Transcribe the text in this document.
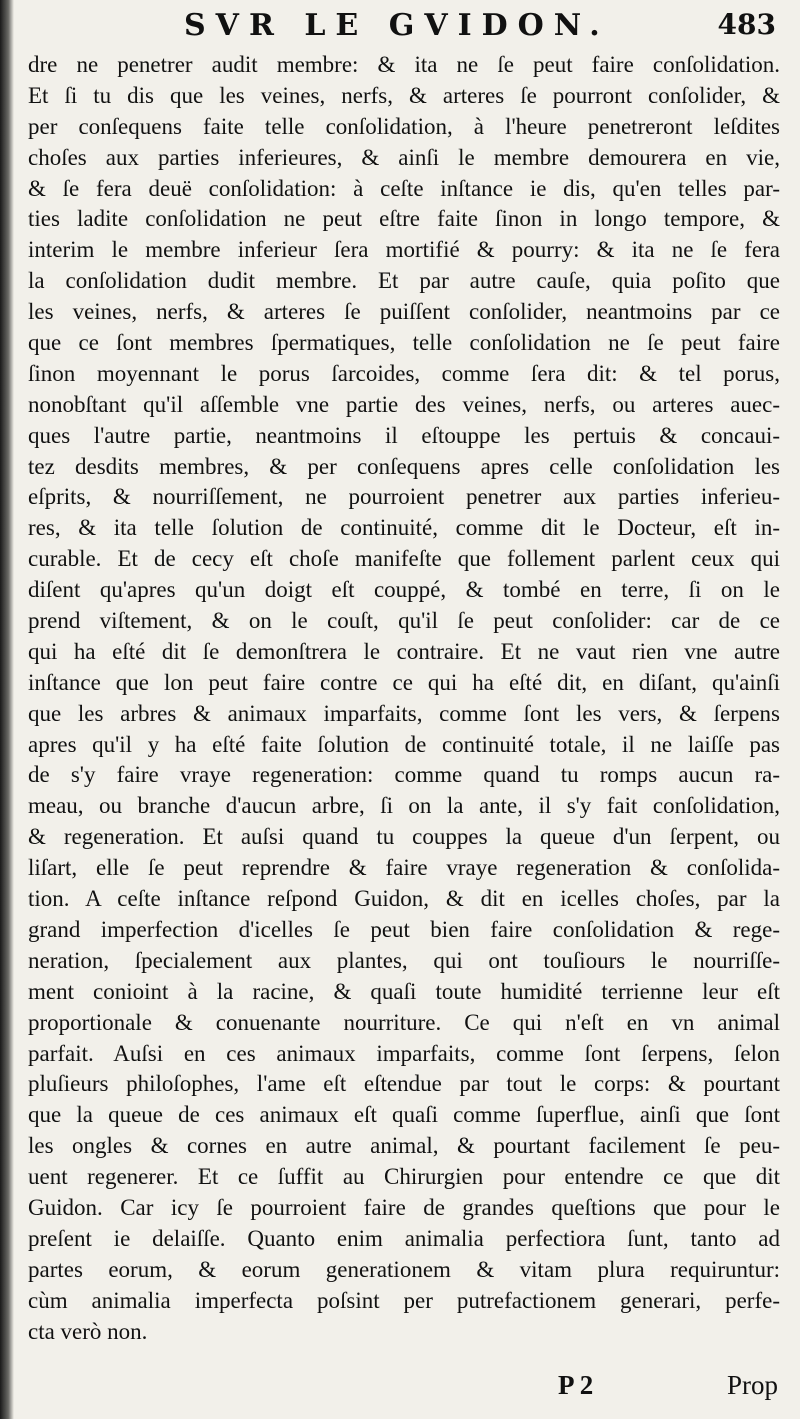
SVR LE GVIDON.	483
dre ne penetrer audit membre: & ita ne ſe peut faire conſolidation.
Et ſi tu dis que les veines, nerfs, & arteres ſe pourront conſolider, &
per conſequens faite telle conſolidation, à l'heure penetreront leſdites
choſes aux parties inferieures, & ainſi le membre demourera en vie,
& ſe fera deuë conſolidation: à ceſte inſtance ie dis, qu'en telles par-
ties ladite conſolidation ne peut eſtre faite ſinon in longo tempore, &
interim le membre inferieur ſera mortifié & pourry: & ita ne ſe fera
la conſolidation dudit membre. Et par autre cauſe, quia poſito que
les veines, nerfs, & arteres ſe puiſſent conſolider, neantmoins par ce
que ce ſont membres ſpermatiques, telle conſolidation ne ſe peut faire
ſinon moyennant le porus ſarcoides, comme ſera dit: & tel porus,
nonobſtant qu'il aſſemble vne partie des veines, nerfs, ou arteres auec-
ques l'autre partie, neantmoins il eſtouppe les pertuis & concaui-
tez desdits membres, & per conſequens apres celle conſolidation les
eſprits, & nourriſſement, ne pourroient penetrer aux parties inferieu-
res, & ita telle ſolution de continuité, comme dit le Docteur, eſt in-
curable. Et de cecy eſt choſe manifeſte que follement parlent ceux qui
diſent qu'apres qu'un doigt eſt couppé, & tombé en terre, ſi on le
prend viſtement, & on le couſt, qu'il ſe peut conſolider: car de ce
qui ha eſté dit ſe demonſtrera le contraire. Et ne vaut rien vne autre
inſtance que lon peut faire contre ce qui ha eſté dit, en diſant, qu'ainſi
que les arbres & animaux imparfaits, comme ſont les vers, & ſerpens
apres qu'il y ha eſté faite ſolution de continuité totale, il ne laiſſe pas
de s'y faire vraye regeneration: comme quand tu romps aucun ra-
meau, ou branche d'aucun arbre, ſi on la ante, il s'y fait conſolidation,
& regeneration. Et auſsi quand tu couppes la queue d'un ſerpent, ou
liſart, elle ſe peut reprendre & faire vraye regeneration & conſolida-
tion. A ceſte inſtance reſpond Guidon, & dit en icelles choſes, par la
grand imperfection d'icelles ſe peut bien faire conſolidation & rege-
neration, ſpecialement aux plantes, qui ont touſiours le nourriſſe-
ment conioint à la racine, & quaſi toute humidité terrienne leur eſt
proportionale & conuenante nourriture. Ce qui n'eſt en vn animal
parfait. Auſsi en ces animaux imparfaits, comme ſont ſerpens, ſelon
pluſieurs philoſophes, l'ame eſt eſtendue par tout le corps: & pourtant
que la queue de ces animaux eſt quaſi comme ſuperflue, ainſi que ſont
les ongles & cornes en autre animal, & pourtant facilement ſe peu-
uent regenerer. Et ce ſuffit au Chirurgien pour entendre ce que dit
Guidon. Car icy ſe pourroient faire de grandes queſtions que pour le
preſent ie delaiſſe. Quanto enim animalia perfectiora ſunt, tanto ad
partes eorum, & eorum generationem & vitam plura requiruntur:
cùm animalia imperfecta poſsint per putrefactionem generari, perfe-
cta verò non.
P 2	Prop
